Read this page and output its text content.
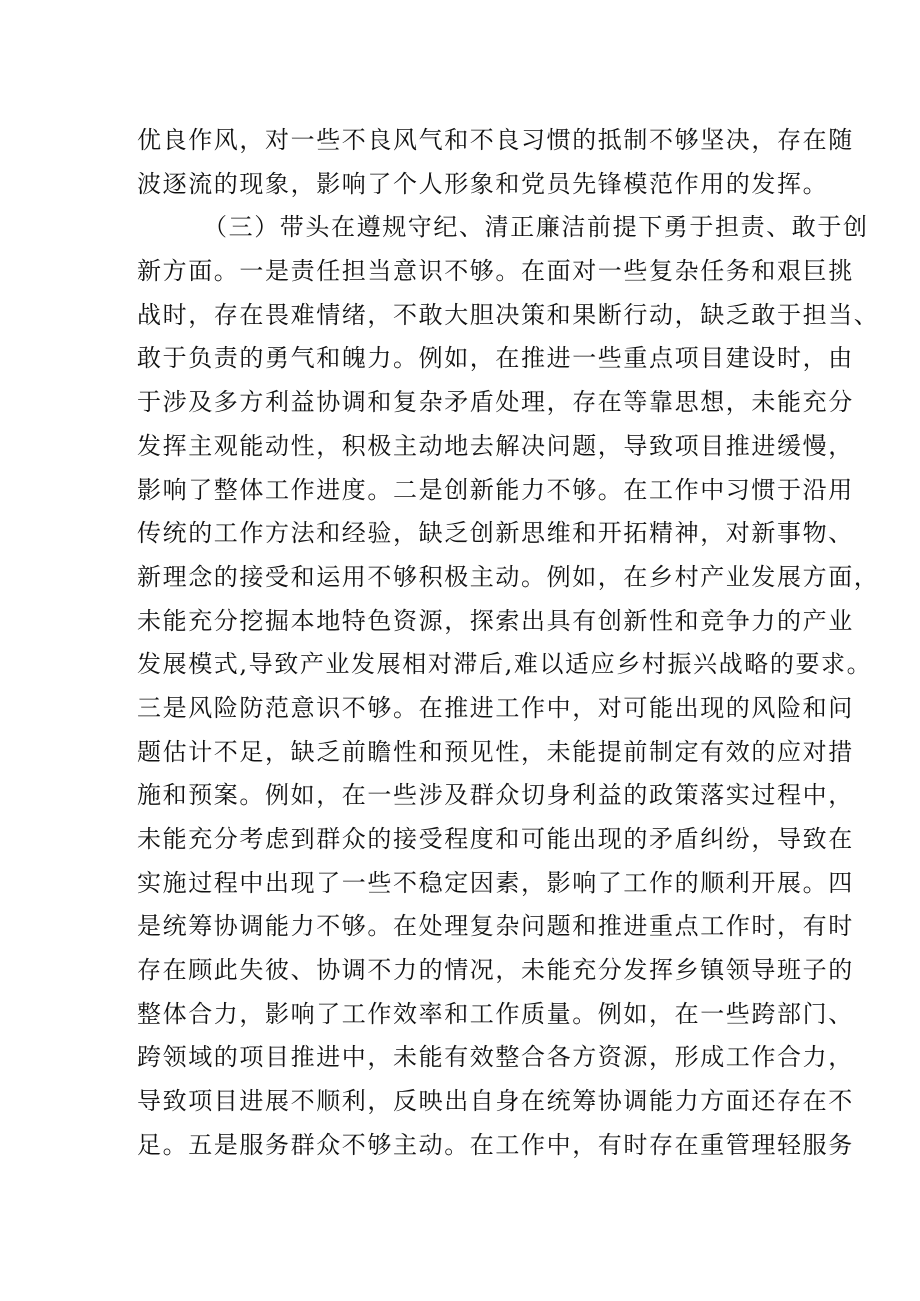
优良作风，对一些不良风气和不良习惯的抵制不够坚决，存在随

波逐流的现象，影响了个人形象和党员先锋模范作用的发挥。

（三）带头在遵规守纪、清正廉洁前提下勇于担责、敢于创

新方面。一是责任担当意识不够。在面对一些复杂任务和艰巨挑

战时，存在畏难情绪，不敢大胆决策和果断行动，缺乏敢于担当、

敢于负责的勇气和魄力。例如，在推进一些重点项目建设时，由

于涉及多方利益协调和复杂矛盾处理，存在等靠思想，未能充分

发挥主观能动性，积极主动地去解决问题，导致项目推进缓慢，

影响了整体工作进度。二是创新能力不够。在工作中习惯于沿用

传统的工作方法和经验，缺乏创新思维和开拓精神，对新事物、

新理念的接受和运用不够积极主动。例如，在乡村产业发展方面，

未能充分挖掘本地特色资源，探索出具有创新性和竞争力的产业

发展模式,导致产业发展相对滞后,难以适应乡村振兴战略的要求。

三是风险防范意识不够。在推进工作中，对可能出现的风险和问

题估计不足，缺乏前瞻性和预见性，未能提前制定有效的应对措

施和预案。例如，在一些涉及群众切身利益的政策落实过程中，

未能充分考虑到群众的接受程度和可能出现的矛盾纠纷，导致在

实施过程中出现了一些不稳定因素，影响了工作的顺利开展。四

是统筹协调能力不够。在处理复杂问题和推进重点工作时，有时

存在顾此失彼、协调不力的情况，未能充分发挥乡镇领导班子的

整体合力，影响了工作效率和工作质量。例如，在一些跨部门、

跨领域的项目推进中，未能有效整合各方资源，形成工作合力，

导致项目进展不顺利，反映出自身在统筹协调能力方面还存在不

足。五是服务群众不够主动。在工作中，有时存在重管理轻服务
